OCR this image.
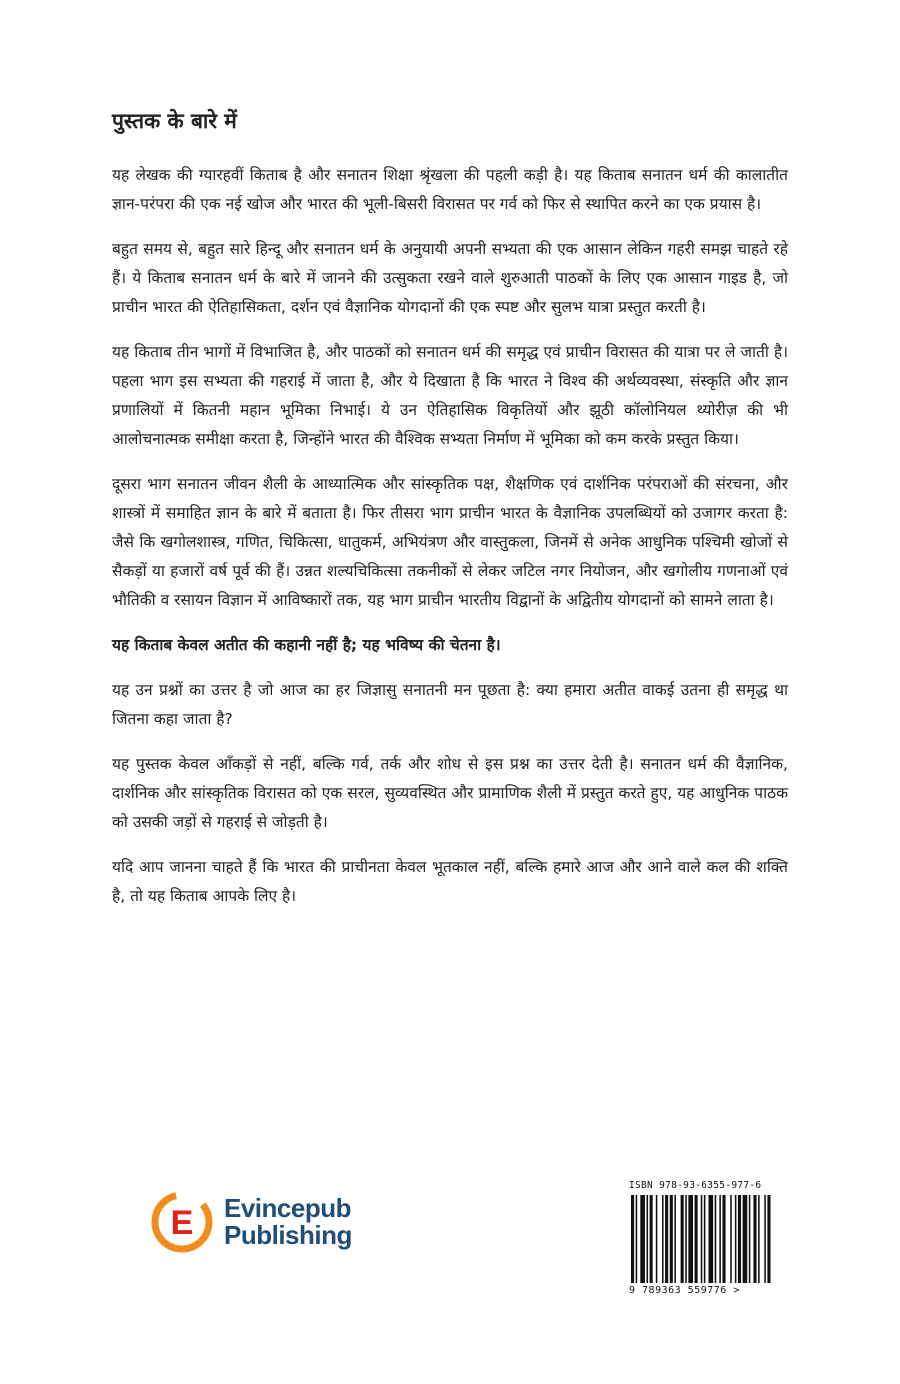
पुस्तक के बारे में

यह लेखक की ग्यारहवीं किताब है और सनातन शिक्षा श्रृंखला की पहली कड़ी है। यह किताब सनातन धर्म की कालातीत ज्ञान-परंपरा की एक नई खोज और भारत की भूली-बिसरी विरासत पर गर्व को फिर से स्थापित करने का एक प्रयास है।

बहुत समय से, बहुत सारे हिन्दू और सनातन धर्म के अनुयायी अपनी सभ्यता की एक आसान लेकिन गहरी समझ चाहते रहे हैं। ये किताब सनातन धर्म के बारे में जानने की उत्सुकता रखने वाले शुरुआती पाठकों के लिए एक आसान गाइड है, जो प्राचीन भारत की ऐतिहासिकता, दर्शन एवं वैज्ञानिक योगदानों की एक स्पष्ट और सुलभ यात्रा प्रस्तुत करती है।

यह किताब तीन भागों में विभाजित है, और पाठकों को सनातन धर्म की समृद्ध एवं प्राचीन विरासत की यात्रा पर ले जाती है। पहला भाग इस सभ्यता की गहराई में जाता है, और ये दिखाता है कि भारत ने विश्व की अर्थव्यवस्था, संस्कृति और ज्ञान प्रणालियों में कितनी महान भूमिका निभाई। ये उन ऐतिहासिक विकृतियों और झूठी कॉलोनियल थ्योरीज़ की भी आलोचनात्मक समीक्षा करता है, जिन्होंने भारत की वैश्विक सभ्यता निर्माण में भूमिका को कम करके प्रस्तुत किया।

दूसरा भाग सनातन जीवन शैली के आध्यात्मिक और सांस्कृतिक पक्ष, शैक्षणिक एवं दार्शनिक परंपराओं की संरचना, और शास्त्रों में समाहित ज्ञान के बारे में बताता है। फिर तीसरा भाग प्राचीन भारत के वैज्ञानिक उपलब्धियों को उजागर करता है: जैसे कि खगोलशास्त्र, गणित, चिकित्सा, धातुकर्म, अभियंत्रण और वास्तुकला, जिनमें से अनेक आधुनिक पश्चिमी खोजों से सैकड़ों या हजारों वर्ष पूर्व की हैं। उन्नत शल्यचिकित्सा तकनीकों से लेकर जटिल नगर नियोजन, और खगोलीय गणनाओं एवं भौतिकी व रसायन विज्ञान में आविष्कारों तक, यह भाग प्राचीन भारतीय विद्वानों के अद्वितीय योगदानों को सामने लाता है।

यह किताब केवल अतीत की कहानी नहीं है; यह भविष्य की चेतना है।

यह उन प्रश्नों का उत्तर है जो आज का हर जिज्ञासु सनातनी मन पूछता है: क्या हमारा अतीत वाकई उतना ही समृद्ध था जितना कहा जाता है?

यह पुस्तक केवल आँकड़ों से नहीं, बल्कि गर्व, तर्क और शोध से इस प्रश्न का उत्तर देती है। सनातन धर्म की वैज्ञानिक, दार्शनिक और सांस्कृतिक विरासत को एक सरल, सुव्यवस्थित और प्रामाणिक शैली में प्रस्तुत करते हुए, यह आधुनिक पाठक को उसकी जड़ों से गहराई से जोड़ती है।

यदि आप जानना चाहते हैं कि भारत की प्राचीनता केवल भूतकाल नहीं, बल्कि हमारे आज और आने वाले कल की शक्ति है, तो यह किताब आपके लिए है।

E Evincepub
Publishing
ISBN 978-93-6355-977-6
9 789363 559776 >
